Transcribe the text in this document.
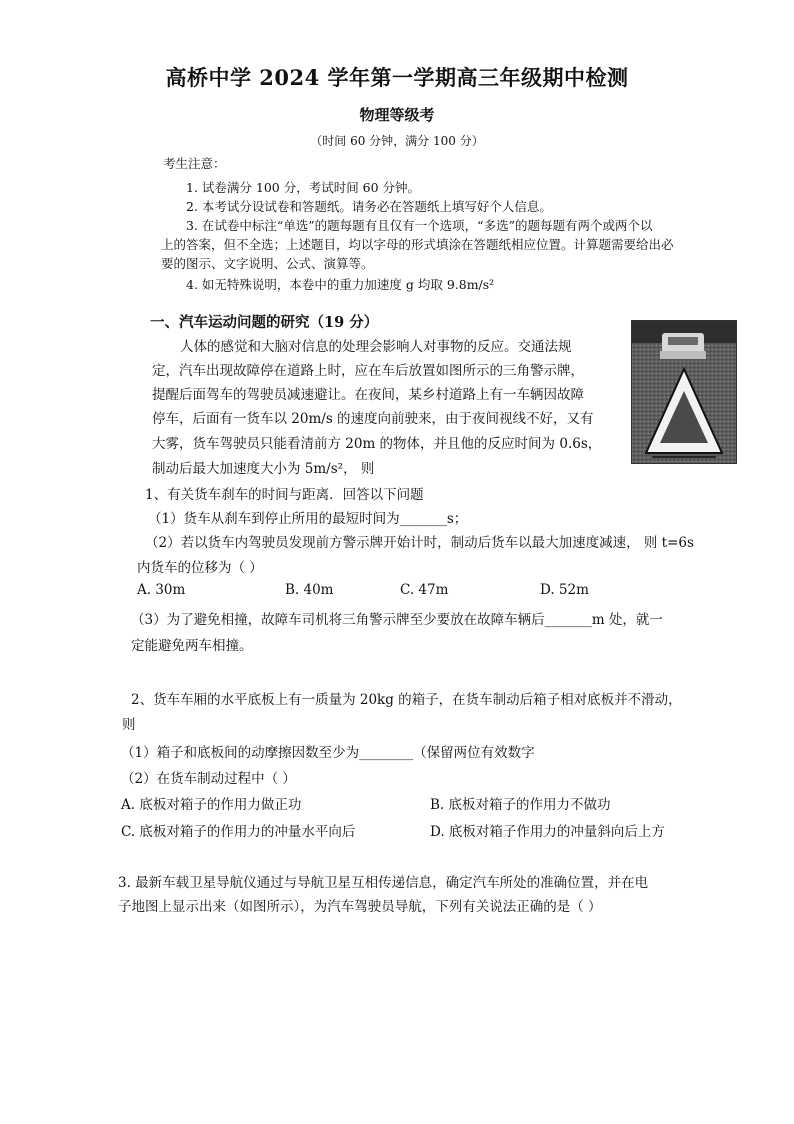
高桥中学 2024 学年第一学期高三年级期中检测
物理等级考
（时间 60 分钟，满分 100 分）
考生注意：
1. 试卷满分 100 分，考试时间 60 分钟。
2. 本考试分设试卷和答题纸。请务必在答题纸上填写好个人信息。
3. 在试卷中标注“单选”的题每题有且仅有一个选项，“多选”的题每题有两个或两个以
上的答案，但不全选；上述题目，均以字母的形式填涂在答题纸相应位置。计算题需要给出必
要的图示、文字说明、公式、演算等。
4. 如无特殊说明，本卷中的重力加速度 g 均取 9.8m/s²
一、汽车运动问题的研究（19 分）
人体的感觉和大脑对信息的处理会影响人对事物的反应。交通法规
定，汽车出现故障停在道路上时，应在车后放置如图所示的三角警示牌，
提醒后面驾车的驾驶员减速避让。在夜间，某乡村道路上有一车辆因故障
停车，后面有一货车以 20m/s 的速度向前驶来，由于夜间视线不好，又有
大雾，货车驾驶员只能看清前方 20m 的物体，并且他的反应时间为 0.6s，
制动后最大加速度大小为 5m/s²， 则
1、有关货车刹车的时间与距离．回答以下问题
（1）货车从刹车到停止所用的最短时间为_______s；
（2）若以货车内驾驶员发现前方警示牌开始计时，制动后货车以最大加速度减速， 则 t=6s
内货车的位移为（ ）
A. 30m	B. 40m	C. 47m	D. 52m
（3）为了避免相撞，故障车司机将三角警示牌至少要放在故障车辆后_______m 处，就一
定能避免两车相撞。
2、货车车厢的水平底板上有一质量为 20kg 的箱子，在货车制动后箱子相对底板并不滑动，
则
（1）箱子和底板间的动摩擦因数至少为________（保留两位有效数字
（2）在货车制动过程中（ ）
A. 底板对箱子的作用力做正功	B. 底板对箱子的作用力不做功
C. 底板对箱子的作用力的冲量水平向后	D. 底板对箱子作用力的冲量斜向后上方
3. 最新车载卫星导航仪通过与导航卫星互相传递信息，确定汽车所处的准确位置，并在电
子地图上显示出来（如图所示），为汽车驾驶员导航，下列有关说法正确的是（ ）
